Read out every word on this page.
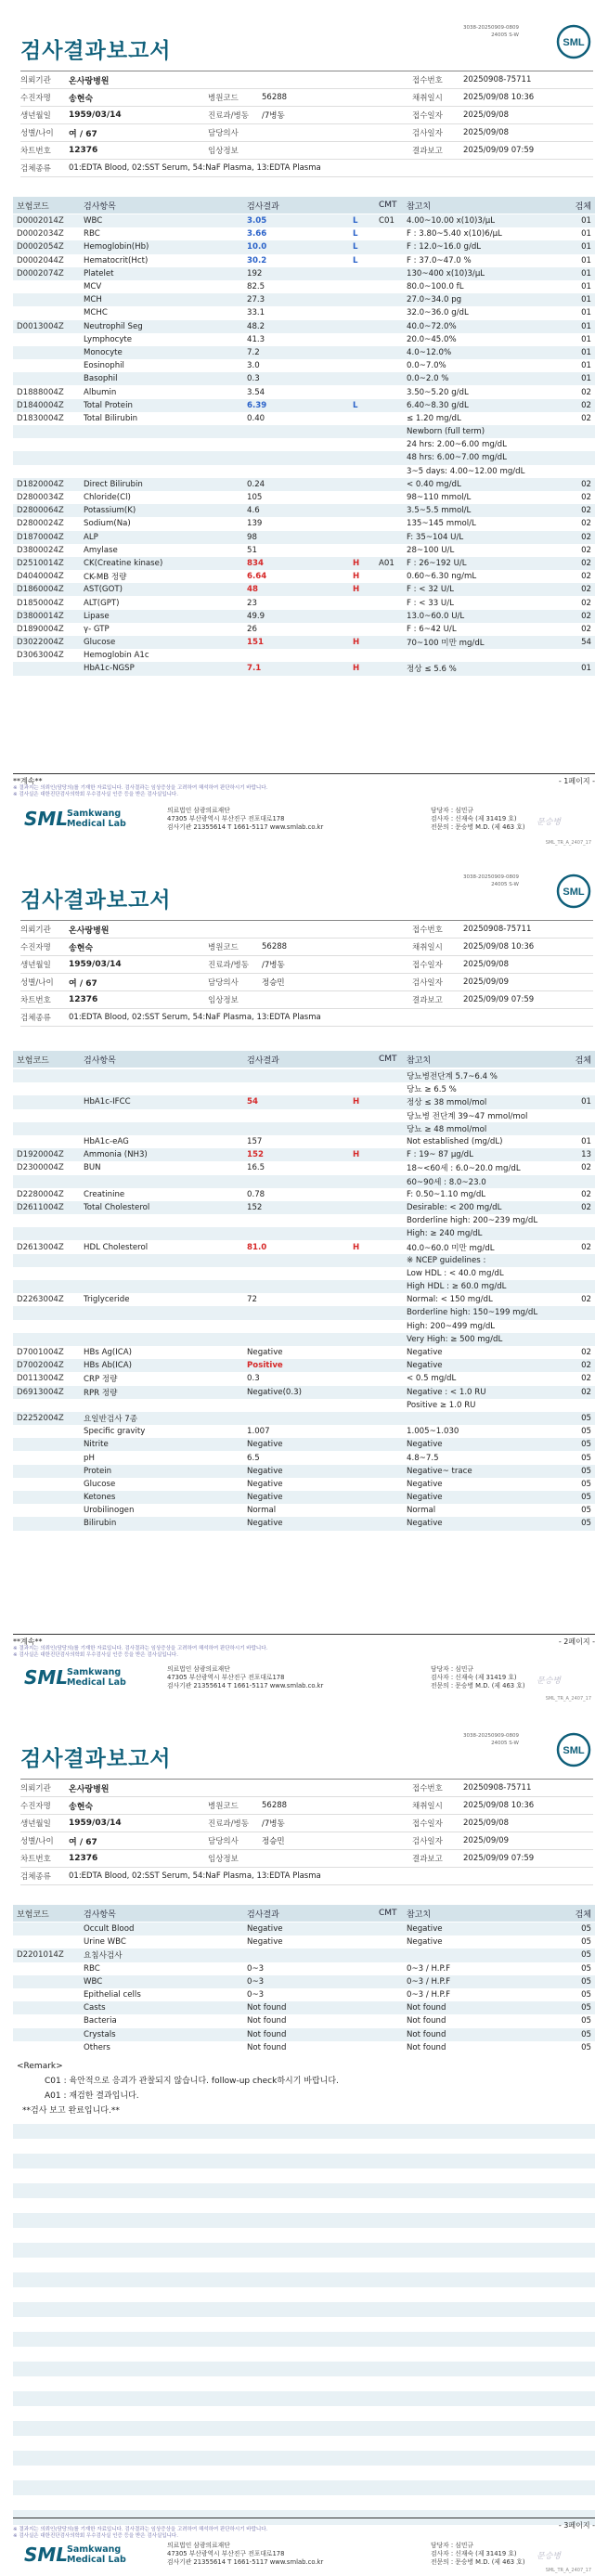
3038-20250909-0809
24005 S-W
검사결과보고서	SML
의뢰기관	온사랑병원	접수번호	20250908-75711
수진자명	송현숙	병원코드	56288	채취일시	2025/09/08 10:36
생년월일	1959/03/14	진료과/병동	/7병동	접수일자	2025/09/08
성별/나이	여 / 67	담당의사	검사일자	2025/09/08
차트번호	12376	임상정보	결과보고	2025/09/09 07:59
검체종류	01:EDTA Blood, 02:SST Serum, 54:NaF Plasma, 13:EDTA Plasma
보험코드	검사항목	검사결과	CMT	참고치	검체
D0002014Z	WBC	3.05	L	C01	4.00~10.00 x(10)3/μL	01
D0002034Z	RBC	3.66	L	F : 3.80~5.40 x(10)6/μL	01
D0002054Z	Hemoglobin(Hb)	10.0	L	F : 12.0~16.0 g/dL	01
D0002044Z	Hematocrit(Hct)	30.2	L	F : 37.0~47.0 %	01
D0002074Z	Platelet	192	130~400 x(10)3/μL	01
MCV	82.5	80.0~100.0 fL	01
MCH	27.3	27.0~34.0 pg	01
MCHC	33.1	32.0~36.0 g/dL	01
D0013004Z	Neutrophil Seg	48.2	40.0~72.0%	01
Lymphocyte	41.3	20.0~45.0%	01
Monocyte	7.2	4.0~12.0%	01
Eosinophil	3.0	0.0~7.0%	01
Basophil	0.3	0.0~2.0 %	01
D1888004Z	Albumin	3.54	3.50~5.20 g/dL	02
D1840004Z	Total Protein	6.39	L	6.40~8.30 g/dL	02
D1830004Z	Total Bilirubin	0.40	≤ 1.20 mg/dL	02
Newborn (full term)
24 hrs: 2.00~6.00 mg/dL
48 hrs: 6.00~7.00 mg/dL
3~5 days: 4.00~12.00 mg/dL
D1820004Z	Direct Bilirubin	0.24	< 0.40 mg/dL	02
D2800034Z	Chloride(Cl)	105	98~110 mmol/L	02
D2800064Z	Potassium(K)	4.6	3.5~5.5 mmol/L	02
D2800024Z	Sodium(Na)	139	135~145 mmol/L	02
D1870004Z	ALP	98	F: 35~104 U/L	02
D3800024Z	Amylase	51	28~100 U/L	02
D2510014Z	CK(Creatine kinase)	834	H	A01	F : 26~192 U/L	02
D4040004Z	CK-MB 정량	6.64	H	0.60~6.30 ng/mL	02
D1860004Z	AST(GOT)	48	H	F : < 32 U/L	02
D1850004Z	ALT(GPT)	23	F : < 33 U/L	02
D3800014Z	Lipase	49.9	13.0~60.0 U/L	02
D1890004Z	γ- GTP	26	F : 6~42 U/L	02
D3022004Z	Glucose	151	H	70~100 미만 mg/dL	54
D3063004Z	Hemoglobin A1c
HbA1c-NGSP	7.1	H	정상 ≤ 5.6 %	01
**계속**	- 1페이지 -
※ 결과지는 의뢰인(담당의)를 기재한 자료입니다. 검사결과는 임상증상을 고려하여 해석하여 판단하시기 바랍니다.
※ 검사실은 대한진단검사의학회 우수검사실 인증 등을 받은 검사실입니다.
SML
Samkwang
Medical Lab
의료법인 삼광의료재단
47305 부산광역시 부산진구 전포대로178
검사기관 21355614 T 1661-5117 www.smlab.co.kr
담당자 : 심민규
검사자 : 신재숙 (제 31419 호)
전문의 : 문승병 M.D. (제 463 호) 문승병
SML_TR_A_2407_17
3038-20250909-0809
24005 S-W
검사결과보고서	SML
의뢰기관	온사랑병원	접수번호	20250908-75711
수진자명	송현숙	병원코드	56288	채취일시	2025/09/08 10:36
생년월일	1959/03/14	진료과/병동	/7병동	접수일자	2025/09/08
성별/나이	여 / 67	담당의사	정승민	검사일자	2025/09/09
차트번호	12376	임상정보	결과보고	2025/09/09 07:59
검체종류	01:EDTA Blood, 02:SST Serum, 54:NaF Plasma, 13:EDTA Plasma
보험코드	검사항목	검사결과	CMT	참고치	검체
당뇨병전단계 5.7~6.4 %
당뇨 ≥ 6.5 %
HbA1c-IFCC	54	H	정상 ≤ 38 mmol/mol	01
당뇨병 전단계 39~47 mmol/mol
당뇨 ≥ 48 mmol/mol
HbA1c-eAG	157	Not established (mg/dL)	01
D1920004Z	Ammonia (NH3)	152	H	F : 19~ 87 μg/dL	13
D2300004Z	BUN	16.5	18~<60세 : 6.0~20.0 mg/dL	02
60~90세 : 8.0~23.0
D2280004Z	Creatinine	0.78	F: 0.50~1.10 mg/dL	02
D2611004Z	Total Cholesterol	152	Desirable: < 200 mg/dL	02
Borderline high: 200~239 mg/dL
High: ≥ 240 mg/dL
D2613004Z	HDL Cholesterol	81.0	H	40.0~60.0 미만 mg/dL	02
※ NCEP guidelines :
Low HDL : < 40.0 mg/dL
High HDL : ≥ 60.0 mg/dL
D2263004Z	Triglyceride	72	Normal: < 150 mg/dL	02
Borderline high: 150~199 mg/dL
High: 200~499 mg/dL
Very High: ≥ 500 mg/dL
D7001004Z	HBs Ag(ICA)	Negative	Negative	02
D7002004Z	HBs Ab(ICA)	Positive	Negative	02
D0113004Z	CRP 정량	0.3	< 0.5 mg/dL	02
D6913004Z	RPR 정량	Negative(0.3)	Negative : < 1.0 RU	02
Positive ≥ 1.0 RU
D2252004Z	요일반검사 7종	05
Specific gravity	1.007	1.005~1.030	05
Nitrite	Negative	Negative	05
pH	6.5	4.8~7.5	05
Protein	Negative	Negative~ trace	05
Glucose	Negative	Negative	05
Ketones	Negative	Negative	05
Urobilinogen	Normal	Normal	05
Bilirubin	Negative	Negative	05
**계속**	- 2페이지 -
※ 결과지는 의뢰인(담당의)를 기재한 자료입니다. 검사결과는 임상증상을 고려하여 해석하여 판단하시기 바랍니다.
※ 검사실은 대한진단검사의학회 우수검사실 인증 등을 받은 검사실입니다.
SML
Samkwang
Medical Lab
의료법인 삼광의료재단
47305 부산광역시 부산진구 전포대로178
검사기관 21355614 T 1661-5117 www.smlab.co.kr
담당자 : 심민규
검사자 : 신재숙 (제 31419 호)
전문의 : 문승병 M.D. (제 463 호) 문승병
SML_TR_A_2407_17
3038-20250909-0809
24005 S-W
검사결과보고서	SML
의뢰기관	온사랑병원	접수번호	20250908-75711
수진자명	송현숙	병원코드	56288	채취일시	2025/09/08 10:36
생년월일	1959/03/14	진료과/병동	/7병동	접수일자	2025/09/08
성별/나이	여 / 67	담당의사	정승민	검사일자	2025/09/09
차트번호	12376	임상정보	결과보고	2025/09/09 07:59
검체종류	01:EDTA Blood, 02:SST Serum, 54:NaF Plasma, 13:EDTA Plasma
보험코드	검사항목	검사결과	CMT	참고치	검체
Occult Blood	Negative	Negative	05
Urine WBC	Negative	Negative	05
D2201014Z	요침사검사	05
RBC	0~3	0~3 / H.P.F	05
WBC	0~3	0~3 / H.P.F	05
Epithelial cells	0~3	0~3 / H.P.F	05
Casts	Not found	Not found	05
Bacteria	Not found	Not found	05
Crystals	Not found	Not found	05
Others	Not found	Not found	05
<Remark>
C01 : 육안적으로 응괴가 관찰되지 않습니다. follow-up check하시기 바랍니다.
A01 : 재검한 결과입니다.
**검사 보고 완료입니다.**
- 3페이지 -
※ 결과지는 의뢰인(담당의)를 기재한 자료입니다. 검사결과는 임상증상을 고려하여 해석하여 판단하시기 바랍니다.
※ 검사실은 대한진단검사의학회 우수검사실 인증 등을 받은 검사실입니다.
SML
Samkwang
Medical Lab
의료법인 삼광의료재단
47305 부산광역시 부산진구 전포대로178
검사기관 21355614 T 1661-5117 www.smlab.co.kr
담당자 : 심민규
검사자 : 신재숙 (제 31419 호)
전문의 : 문승병 M.D. (제 463 호)
문승병
SML_TR_A_2407_17
